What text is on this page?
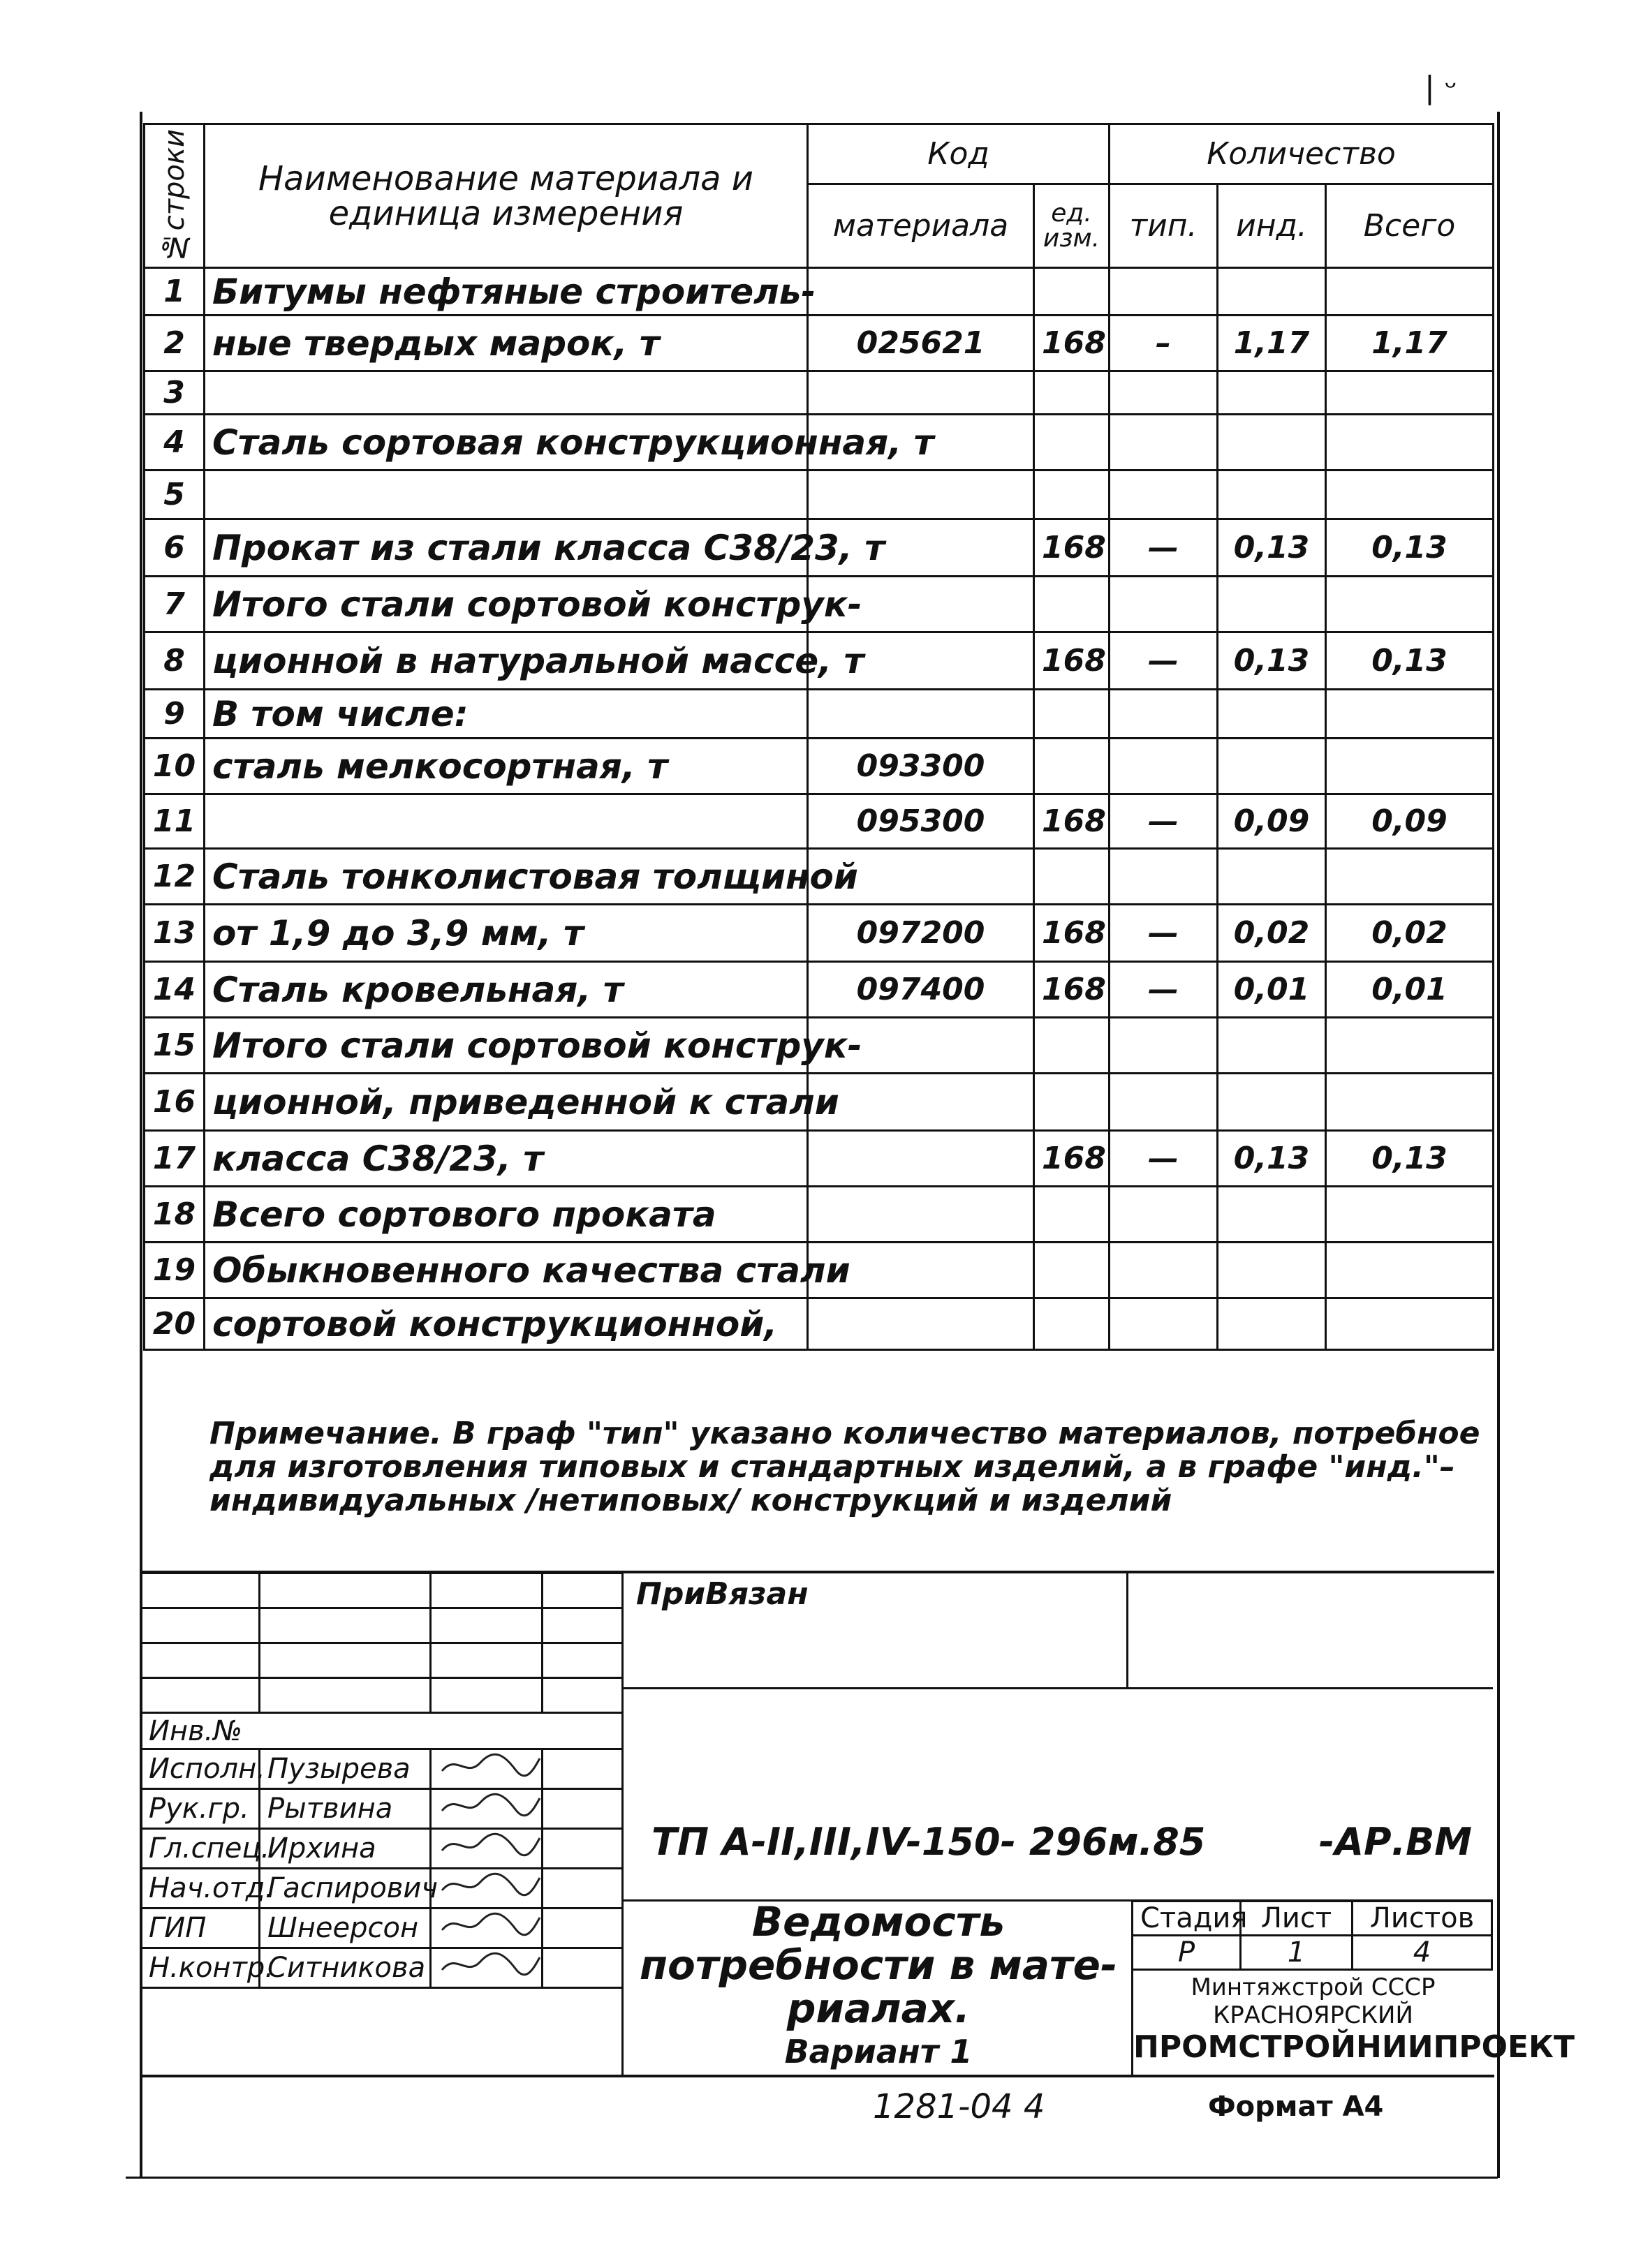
| ᵕ
№строки	Наименование материала и единица измерения	Код		Количество		
		материала	ед. изм.	тип.	инд.	Всего
1	Битумы нефтяные строитель-					
2	ные твердых марок, т	025621	168	–	1,17	1,17
3						
4	Сталь сортовая конструкционная, т					
5						
6	Прокат из стали класса С38/23, т		168	—	0,13	0,13
7	Итого стали сортовой конструк-					
8	ционной в натуральной массе, т		168	—	0,13	0,13
9	В том числе:					
10	сталь мелкосортная, т	093300				
11		095300	168	—	0,09	0,09
12	Сталь тонколистовая толщиной					
13	от 1,9 до 3,9 мм, т	097200	168	—	0,02	0,02
14	Сталь кровельная, т	097400	168	—	0,01	0,01
15	Итого стали сортовой конструк-					
16	ционной, приведенной к стали					
17	класса С38/23, т		168	—	0,13	0,13
18	Всего сортового проката					
19	Обыкновенного качества стали					
20	сортовой конструкционной,					
Примечание. В граф "тип" указано количество материалов, потребное
для изготовления типовых и стандартных изделий, а в графе "инд."–
индивидуальных /нетиповых/ конструкций и изделий

Инв.№			
Исполн.	Пузырева		
Рук.гр.	Рытвина		
Гл.спец.	Ирхина		
Нач.отд.	Гаспирович		
ГИП	Шнеерсон		
Н.контр.	Ситникова		
ПриВязан
ТП А-II,III,IV-150- 296м.85	-АР.ВМ
Ведомость
потребности в мате-
риалах.
Вариант 1
Стадия	Лист	Листов
Р	1	4
Минтяжстрой СССР
КРАСНОЯРСКИЙ
ПРОМСТРОЙНИИПРОЕКТ
1281-04 4	Формат А4
